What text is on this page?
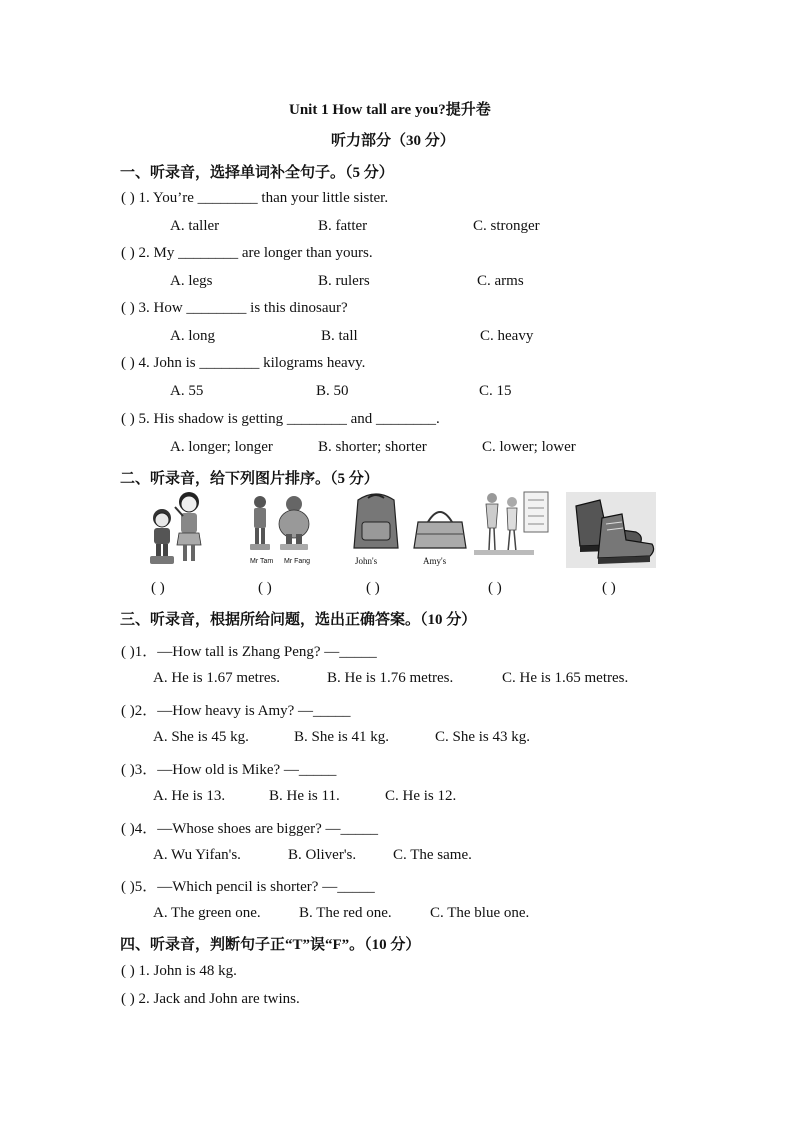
Unit 1 How tall are you?提升卷
听力部分（30 分）
一、听录音，选择单词补全句子。（5 分）
( ) 1. You’re ________ than your little sister.
A. taller	B. fatter	C. stronger
( ) 2. My ________ are longer than yours.
A. legs	B. rulers	C. arms
( ) 3. How ________ is this dinosaur?
A. long	B. tall	C. heavy
( ) 4. John is ________ kilograms heavy.
A. 55	B. 50	C. 15
( ) 5. His shadow is getting ________ and ________.
A. longer; longer	B. shorter; shorter	C. lower; lower
二、听录音，给下列图片排序。（5 分）
Mr Tam Mr Fang	John's	Amy's
( )	( )	( )	( )	( )
三、听录音，根据所给问题，选出正确答案。（10 分）
( )1．—How tall is Zhang Peng? —_____
A. He is 1.67 metres.	B. He is 1.76 metres.	C. He is 1.65 metres.
( )2．—How heavy is Amy? —_____
A. She is 45 kg.	B. She is 41 kg.	C. She is 43 kg.
( )3．—How old is Mike? —_____
A. He is 13.	B. He is 11.	C. He is 12.
( )4．—Whose shoes are bigger? —_____
A. Wu Yifan's.	B. Oliver's. C. The same.
( )5．—Which pencil is shorter? —_____
A. The green one.	B. The red one.	C. The blue one.
四、听录音，判断句子正“T”误“F”。（10 分）
( ) 1. John is 48 kg.
( ) 2. Jack and John are twins.
